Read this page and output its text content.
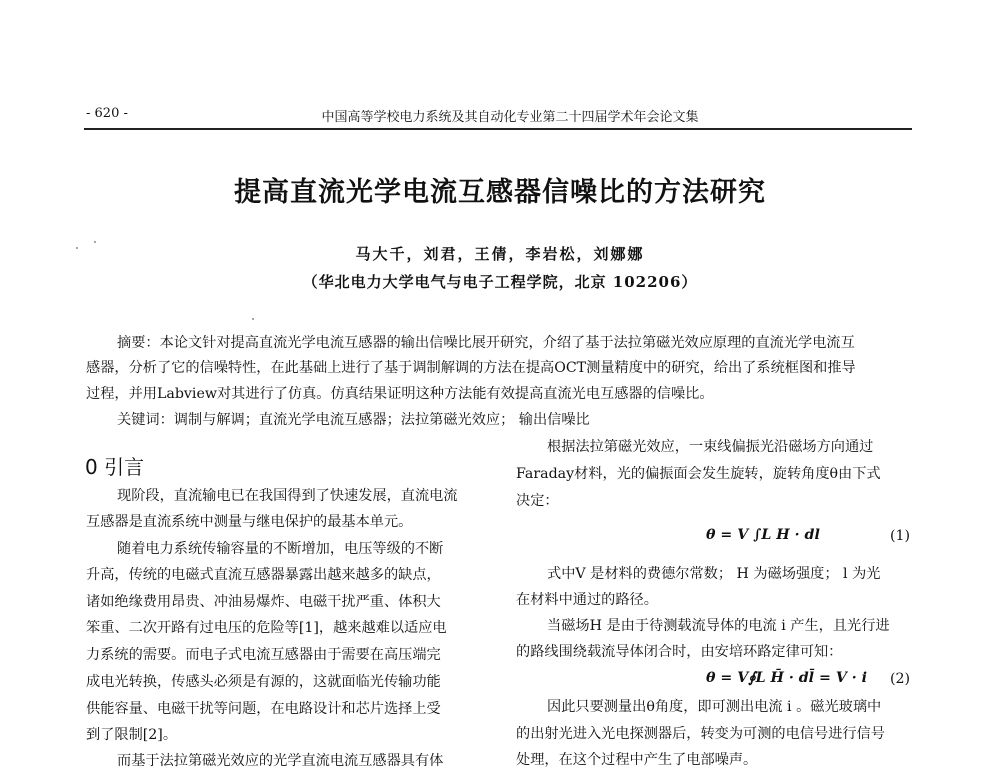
- 620 -	中国高等学校电力系统及其自动化专业第二十四届学术年会论文集
提高直流光学电流互感器信噪比的方法研究
马大千，刘君，王倩，李岩松，刘娜娜
（华北电力大学电气与电子工程学院，北京 102206）
摘要：本论文针对提高直流光学电流互感器的输出信噪比展开研究，介绍了基于法拉第磁光效应原理的直流光学电流互
感器，分析了它的信噪特性，在此基础上进行了基于调制解调的方法在提高OCT测量精度中的研究，给出了系统框图和推导
过程，并用Labview对其进行了仿真。仿真结果证明这种方法能有效提高直流光电互感器的信噪比。
关键词：调制与解调；直流光学电流互感器；法拉第磁光效应； 输出信噪比
0 引言
现阶段，直流输电已在我国得到了快速发展，直流电流
互感器是直流系统中测量与继电保护的最基本单元。
随着电力系统传输容量的不断增加，电压等级的不断
升高，传统的电磁式直流互感器暴露出越来越多的缺点，
诸如绝缘费用昂贵、冲油易爆炸、电磁干扰严重、体积大
笨重、二次开路有过电压的危险等[1]，越来越难以适应电
力系统的需要。而电子式电流互感器由于需要在高压端完
成电光转换，传感头必须是有源的，这就面临光传输功能
供能容量、电磁干扰等问题，在电路设计和芯片选择上受
到了限制[2]。
而基于法拉第磁光效应的光学直流电流互感器具有体
根据法拉第磁光效应，一束线偏振光沿磁场方向通过
Faraday材料，光的偏振面会发生旋转，旋转角度θ由下式
决定：
θ = V ∫L H · dl	(1)
式中V 是材料的费德尔常数； H 为磁场强度； l 为光
在材料中通过的路径。
当磁场H 是由于待测载流导体的电流 i 产生，且光行进
的路线围绕载流导体闭合时，由安培环路定律可知：
θ = V∮L H̄ · dl̄ = V · i (2)
因此只要测量出θ角度，即可测出电流 i 。磁光玻璃中
的出射光进入光电探测器后，转变为可测的电信号进行信号
处理，在这个过程中产生了电部噪声。
